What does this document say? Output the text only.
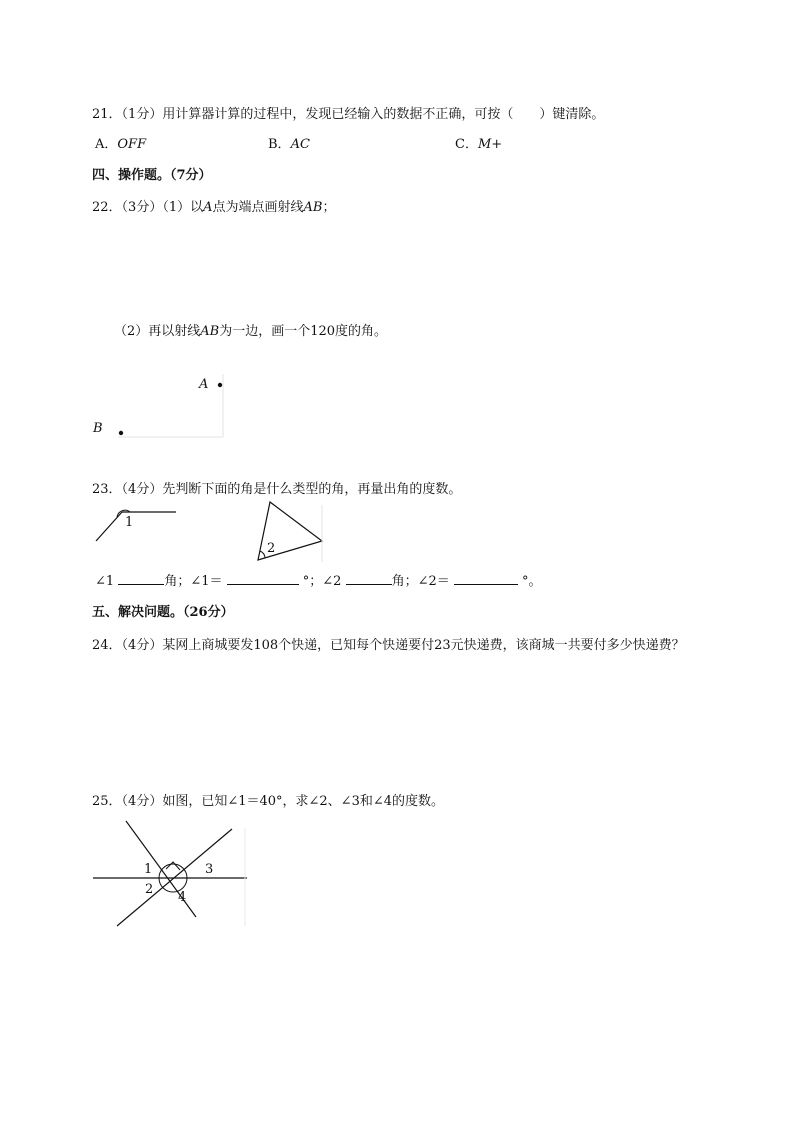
21．（1分）用计算器计算的过程中，发现已经输入的数据不正确，可按（　　）键清除。
A．OFF	B．AC	C．M+
四、操作题。（7分）
22．（3分）（1）以A点为端点画射线AB；
（2）再以射线AB为一边，画一个120度的角。
A
B
23．（4分）先判断下面的角是什么类型的角，再量出角的度数。
1
2
∠1	角；∠1＝	°；∠2	角；∠2＝	°。
五、解决问题。（26分）
24．（4分）某网上商城要发108个快递，已知每个快递要付23元快递费，该商城一共要付多少快递费？
25．（4分）如图，已知∠1＝40°，求∠2、∠3和∠4的度数。
1
2
3
4
